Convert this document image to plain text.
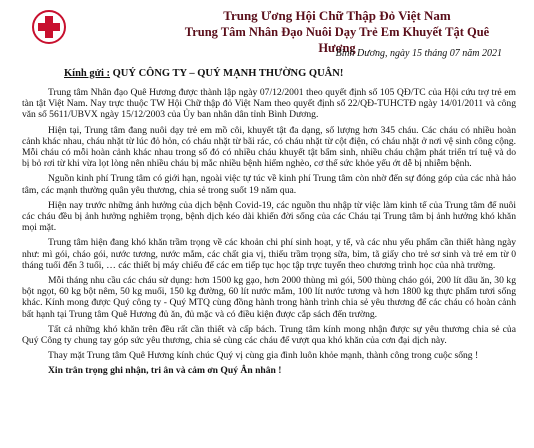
Trung Ương Hội Chữ Thập Đỏ Việt Nam
Trung Tâm Nhân Đạo Nuôi Dạy Trẻ Em Khuyết Tật Quê Hương
Bình Dương, ngày 15 tháng 07 năm 2021
Kính gửi : QUÝ CÔNG TY – QUÝ MẠNH THƯỜNG QUÂN!

Trung tâm Nhân đạo Quê Hương được thành lập ngày 07/12/2001 theo quyết định số 105 QĐ/TC của Hội cứu trợ trẻ em tàn tật Việt Nam. Nay trực thuộc TW Hội Chữ thập đỏ Việt Nam theo quyết định số 22/QĐ-TUHCTĐ ngày 14/01/2011 và công văn số 5611/UBVX ngày 15/12/2003 của Ủy ban nhân dân tỉnh Bình Dương.

Hiện tại, Trung tâm đang nuôi dạy trẻ em mồ côi, khuyết tật đa dạng, số lượng hơn 345 cháu. Các cháu có nhiều hoàn cảnh khác nhau, cháu nhặt từ lúc đỏ hỏn, có cháu nhặt từ bãi rác, có cháu nhặt từ cột điện, có cháu nhặt ở nơi vệ sinh công cộng. Mỗi cháu có mỗi hoàn cảnh khác nhau trong số đó có nhiều cháu khuyết tật bẩm sinh, nhiều cháu chậm phát triển trí tuệ và do bị bỏ rơi từ khi vừa lọt lòng nên nhiều cháu bị mắc nhiều bệnh hiểm nghèo, cơ thể sức khỏe yếu ớt dễ bị nhiễm bệnh.

Nguồn kinh phí Trung tâm có giới hạn, ngoài việc tự túc về kinh phí Trung tâm còn nhờ đến sự đóng góp của các nhà hảo tâm, các mạnh thường quân yêu thương, chia sẻ trong suốt 19 năm qua.

Hiện nay trước những ảnh hưởng của dịch bệnh Covid-19, các nguồn thu nhập từ việc làm kinh tế của Trung tâm để nuôi các cháu đều bị ảnh hưởng nghiêm trọng, bệnh dịch kéo dài khiến đời sống của các Cháu tại Trung tâm bị ảnh hưởng khó khăn mọi mặt.

Trung tâm hiện đang khó khăn trầm trọng về các khoản chi phí sinh hoạt, y tế, và các nhu yếu phẩm cần thiết hàng ngày như: mì gói, cháo gói, nước tương, nước mắm, các chất gia vị, thiếu trầm trọng sữa, bỉm, tã giấy cho trẻ sơ sinh và trẻ em từ 0 tháng tuổi đến 3 tuổi, … các thiết bị máy chiếu để các em tiếp tục học tập trực tuyến theo chương trình học của nhà trường.

Mỗi tháng nhu cầu các cháu sử dụng: hơn 1500 kg gạo, hơn 2000 thùng mì gói, 500 thùng cháo gói, 200 lít dầu ăn, 30 kg bột ngọt, 60 kg bột nêm, 50 kg muối, 150 kg đường, 60 lít nước mắm, 100 lít nước tương và hơn 1800 kg thực phẩm tươi sống khác. Kính mong được Quý công ty - Quý MTQ cùng đồng hành trong hành trình chia sẻ yêu thương để các cháu có hoàn cảnh bất hạnh tại Trung tâm Quê Hương đủ ăn, đủ mặc và có điều kiện được cắp sách đến trường.

Tất cả những khó khăn trên đều rất cần thiết và cấp bách. Trung tâm kính mong nhận được sự yêu thương chia sẻ của Quý Công ty chung tay góp sức yêu thương, chia sẻ cùng các cháu để vượt qua khó khăn của cơn đại dịch này.

Thay mặt Trung tâm Quê Hương kính chúc Quý vị cùng gia đình luôn khỏe mạnh, thành công trong cuộc sống !

Xin trân trọng ghi nhận, tri ân và cảm ơn Quý Ân nhân !
